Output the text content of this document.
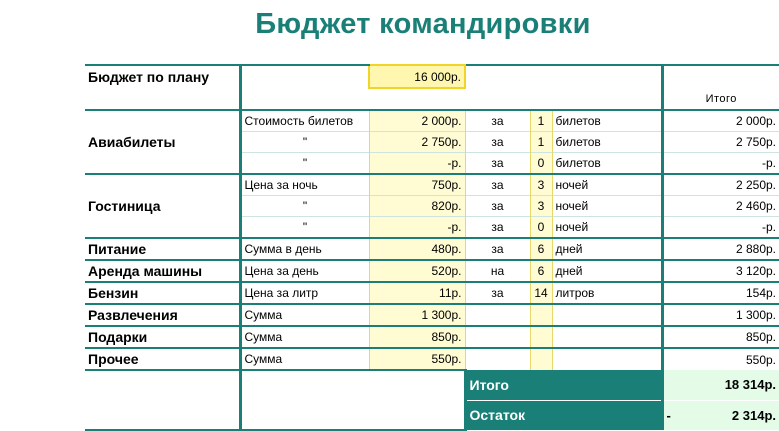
Бюджет командировки
Бюджет по плану		16 000р.				
						Итого
Авиабилеты	Стоимость билетов	2 000р.	за	1	билетов	2 000р.
	"	2 750р.	за	1	билетов	2 750р.
	"	-р.	за	0	билетов	-р.
Гостиница	Цена за ночь	750р.	за	3	ночей	2 250р.
	"	820р.	за	3	ночей	2 460р.
	"	-р.	за	0	ночей	-р.
Питание	Сумма в день	480р.	за	6	дней	2 880р.
Аренда машины	Цена за день	520р.	на	6	дней	3 120р.
Бензин	Цена за литр	11р.	за	14	литров	154р.
Развлечения	Сумма	1 300р.				1 300р.
Подарки	Сумма	850р.				850р.
Прочее	Сумма	550р.				550р.
			Итого			18 314р.
			Остаток			- 2 314р.
